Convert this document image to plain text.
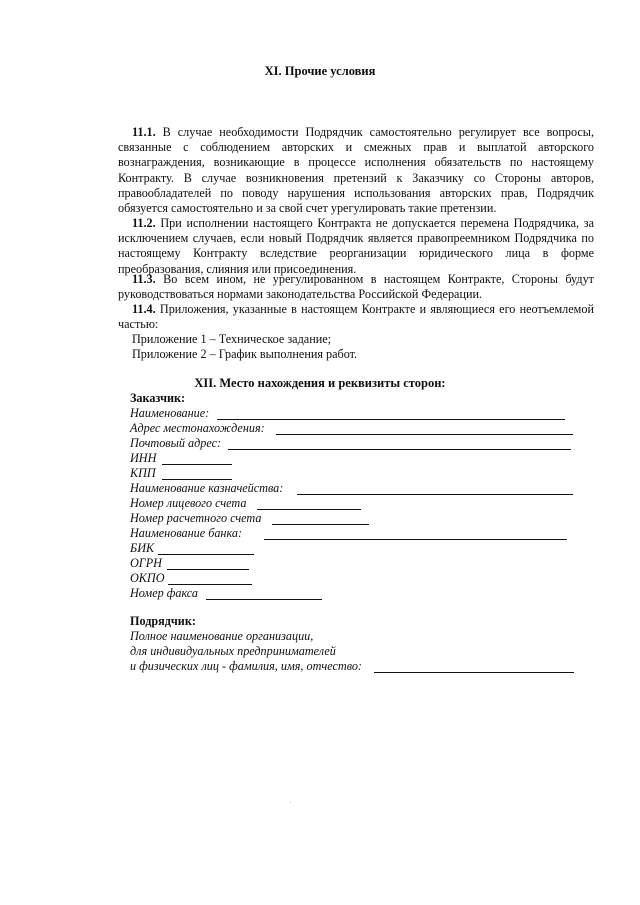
XI. Прочие условия
11.1. В случае необходимости Подрядчик самостоятельно регулирует все вопросы, связанные с соблюдением авторских и смежных прав и выплатой авторского вознаграждения, возникающие в процессе исполнения обязательств по настоящему Контракту. В случае возникновения претензий к Заказчику со Стороны авторов, правообладателей по поводу нарушения использования авторских прав, Подрядчик обязуется самостоятельно и за свой счет урегулировать такие претензии.
11.2. При исполнении настоящего Контракта не допускается перемена Подрядчика, за исключением случаев, если новый Подрядчик является правопреемником Подрядчика по настоящему Контракту вследствие реорганизации юридического лица в форме преобразования, слияния или присоединения.
11.3. Во всем ином, не урегулированном в настоящем Контракте, Стороны будут руководствоваться нормами законодательства Российской Федерации.
11.4. Приложения, указанные в настоящем Контракте и являющиеся его неотъемлемой частью:
Приложение 1 – Техническое задание;
Приложение 2 – График выполнения работ.
XII. Место нахождения и реквизиты сторон:
Заказчик:
Наименование:
Адрес местонахождения:
Почтовый адрес:
ИНН
КПП
Наименование казначейства:
Номер лицевого счета
Номер расчетного счета
Наименование банка:
БИК
ОГРН
ОКПО
Номер факса
Подрядчик:
Полное наименование организации,
для индивидуальных предпринимателей
и физических лиц - фамилия, имя, отчество:
